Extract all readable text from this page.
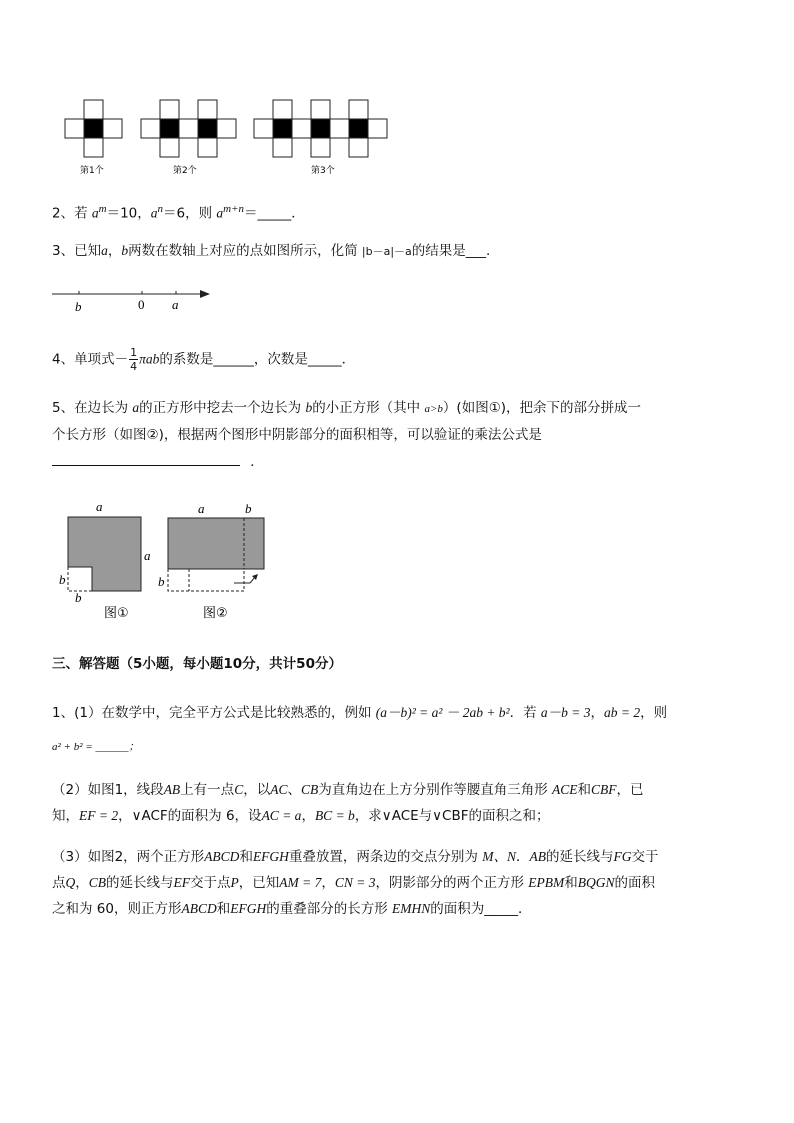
第1个	第2个	第3个
2、若 $a^m=10$，$a^n=6$，则 $a^{m+n}=\_\_\_\_\_$．
3、已知a，b两数在数轴上对应的点如图所示，化简 |b－a|－a的结果是___.
b	0 a
4、单项式－ $\frac{1}{4}$ πab的系数是______，次数是_____．
5、在边长为 a的正方形中挖去一个边长为 b的小正方形（其中 a>b）(如图①)，把余下的部分拼成一
个长方形（如图②)，根据两个图形中阴影部分的面积相等，可以验证的乘法公式是
．
a
a
b
b
图①
a	b
b
图②
三、解答题（5小题，每小题10分，共计50分）
1、(1）在数学中，完全平方公式是比较熟悉的，例如 (a－b)² = a² － 2ab + b²．若 a－b = 3，ab = 2，则
a² + b² = ______；
（2）如图1，线段AB上有一点C，以AC、CB为直角边在上方分别作等腰直角三角形 ACE和CBF，已
知，EF = 2，∨ACF的面积为 6，设AC = a，BC = b，求∨ACE与∨CBF的面积之和；
（3）如图2，两个正方形ABCD和EFGH重叠放置，两条边的交点分别为 M、N．AB的延长线与FG交于
点Q，CB的延长线与EF交于点P，已知AM = 7，CN = 3，阴影部分的两个正方形 EPBM和BQGN的面积
之和为 60，则正方形ABCD和EFGH的重叠部分的长方形 EMHN的面积为_____．
